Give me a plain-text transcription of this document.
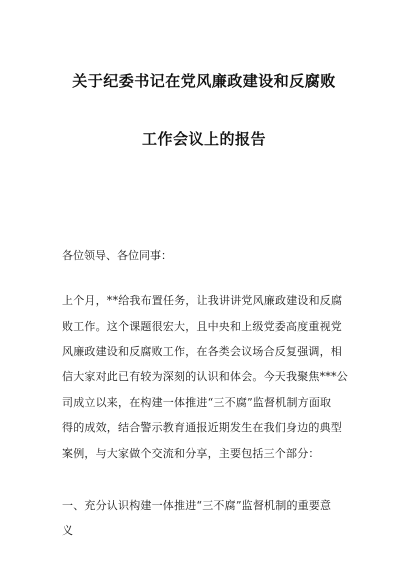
关于纪委书记在党风廉政建设和反腐败
工作会议上的报告
各位领导、各位同事：
上个月，**给我布置任务，让我讲讲党风廉政建设和反腐
败工作。这个课题很宏大，且中央和上级党委高度重视党
风廉政建设和反腐败工作，在各类会议场合反复强调，相
信大家对此已有较为深刻的认识和体会。今天我聚焦***公
司成立以来，在构建一体推进“三不腐”监督机制方面取
得的成效，结合警示教育通报近期发生在我们身边的典型
案例，与大家做个交流和分享，主要包括三个部分：
一、充分认识构建一体推进“三不腐”监督机制的重要意
义
